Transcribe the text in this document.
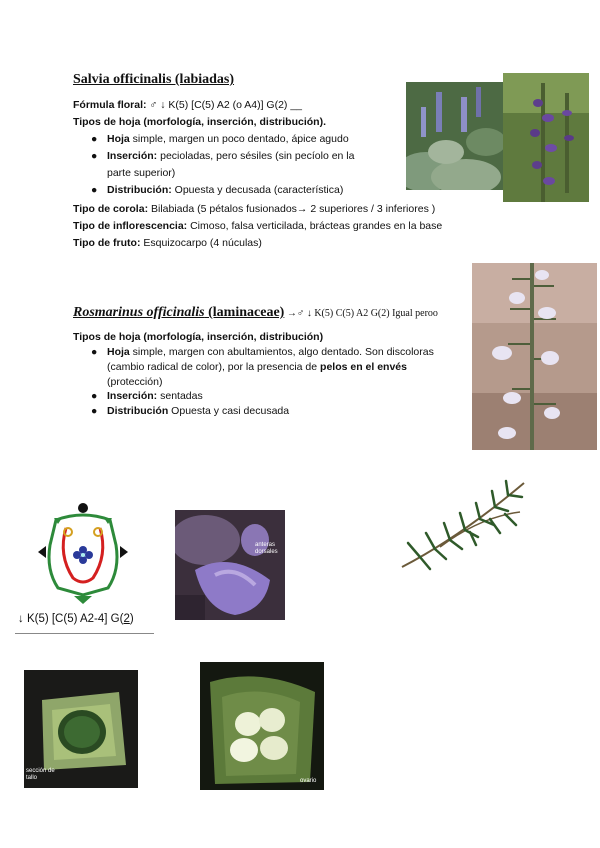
Salvia officinalis (labiadas)
Fórmula floral: ♂ ↓ K(5) [C(5) A2 (o A4)] G(2) __
Tipos de hoja (morfología, inserción, distribución).
● Hoja simple, margen un poco dentado, ápice agudo
● Inserción: pecioladas, pero sésiles (sin pecíolo en la
parte superior)
● Distribución: Opuesta y decusada (característica)
Tipo de corola: Bilabiada (5 pétalos fusionados→ 2 superiores / 3 inferiores )
Tipo de inflorescencia: Cimoso, falsa verticilada, brácteas grandes en la base
Tipo de fruto: Esquizocarpo (4 núculas)
Rosmarinus officinalis (laminaceae) →♂ ↓ K(5) C(5) A2 G(2) Igual peroo
Tipos de hoja (morfología, inserción, distribución)
● Hoja simple, margen con abultamientos, algo dentado. Son discoloras
(cambio radical de color), por la presencia de pelos en el envés
(protección)
● Inserción: sentadas
● Distribución Opuesta y casi decusada
↓ K(5) [C(5) A2-4] G(2)
anteras dorsales
sección de tallo	ovario
